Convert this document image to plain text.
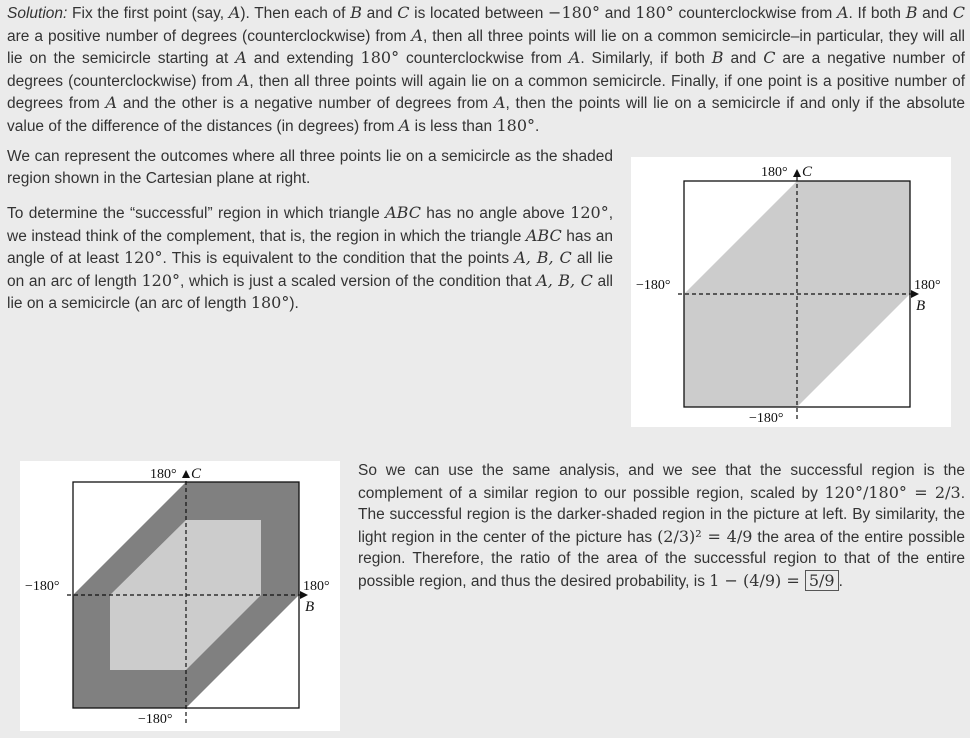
Solution: Fix the first point (say, A). Then each of B and C is located between −180° and 180° counterclockwise from A. If both B and C are a positive number of degrees (counterclockwise) from A, then all three points will lie on a common semicircle–in particular, they will all lie on the semicircle starting at A and extending 180° counterclockwise from A. Similarly, if both B and C are a negative number of degrees (counterclockwise) from A, then all three points will again lie on a common semicircle. Finally, if one point is a positive number of degrees from A and the other is a negative number of degrees from A, then the points will lie on a semicircle if and only if the absolute value of the difference of the distances (in degrees) from A is less than 180°.

We can represent the outcomes where all three points lie on a semicircle as the shaded region shown in the Cartesian plane at right.

To determine the “successful” region in which triangle ABC has no angle above 120°, we instead think of the complement, that is, the region in which the triangle ABC has an angle of at least 120°. This is equivalent to the condition that the points A, B, C all lie on an arc of length 120°, which is just a scaled version of the condition that A, B, C all lie on a semicircle (an arc of length 180°).

So we can use the same analysis, and we see that the successful region is the complement of a similar region to our possible region, scaled by 120°/180° = 2/3. The successful region is the darker-shaded region in the picture at left. By similarity, the light region in the center of the picture has (2/3)² = 4/9 the area of the entire possible region. Therefore, the ratio of the area of the successful region to that of the entire possible region, and thus the desired probability, is 1 − (4/9) = 5/9 .

180° C
−180°	180°
B
−180°
180° C
−180°	180°
B
−180°
